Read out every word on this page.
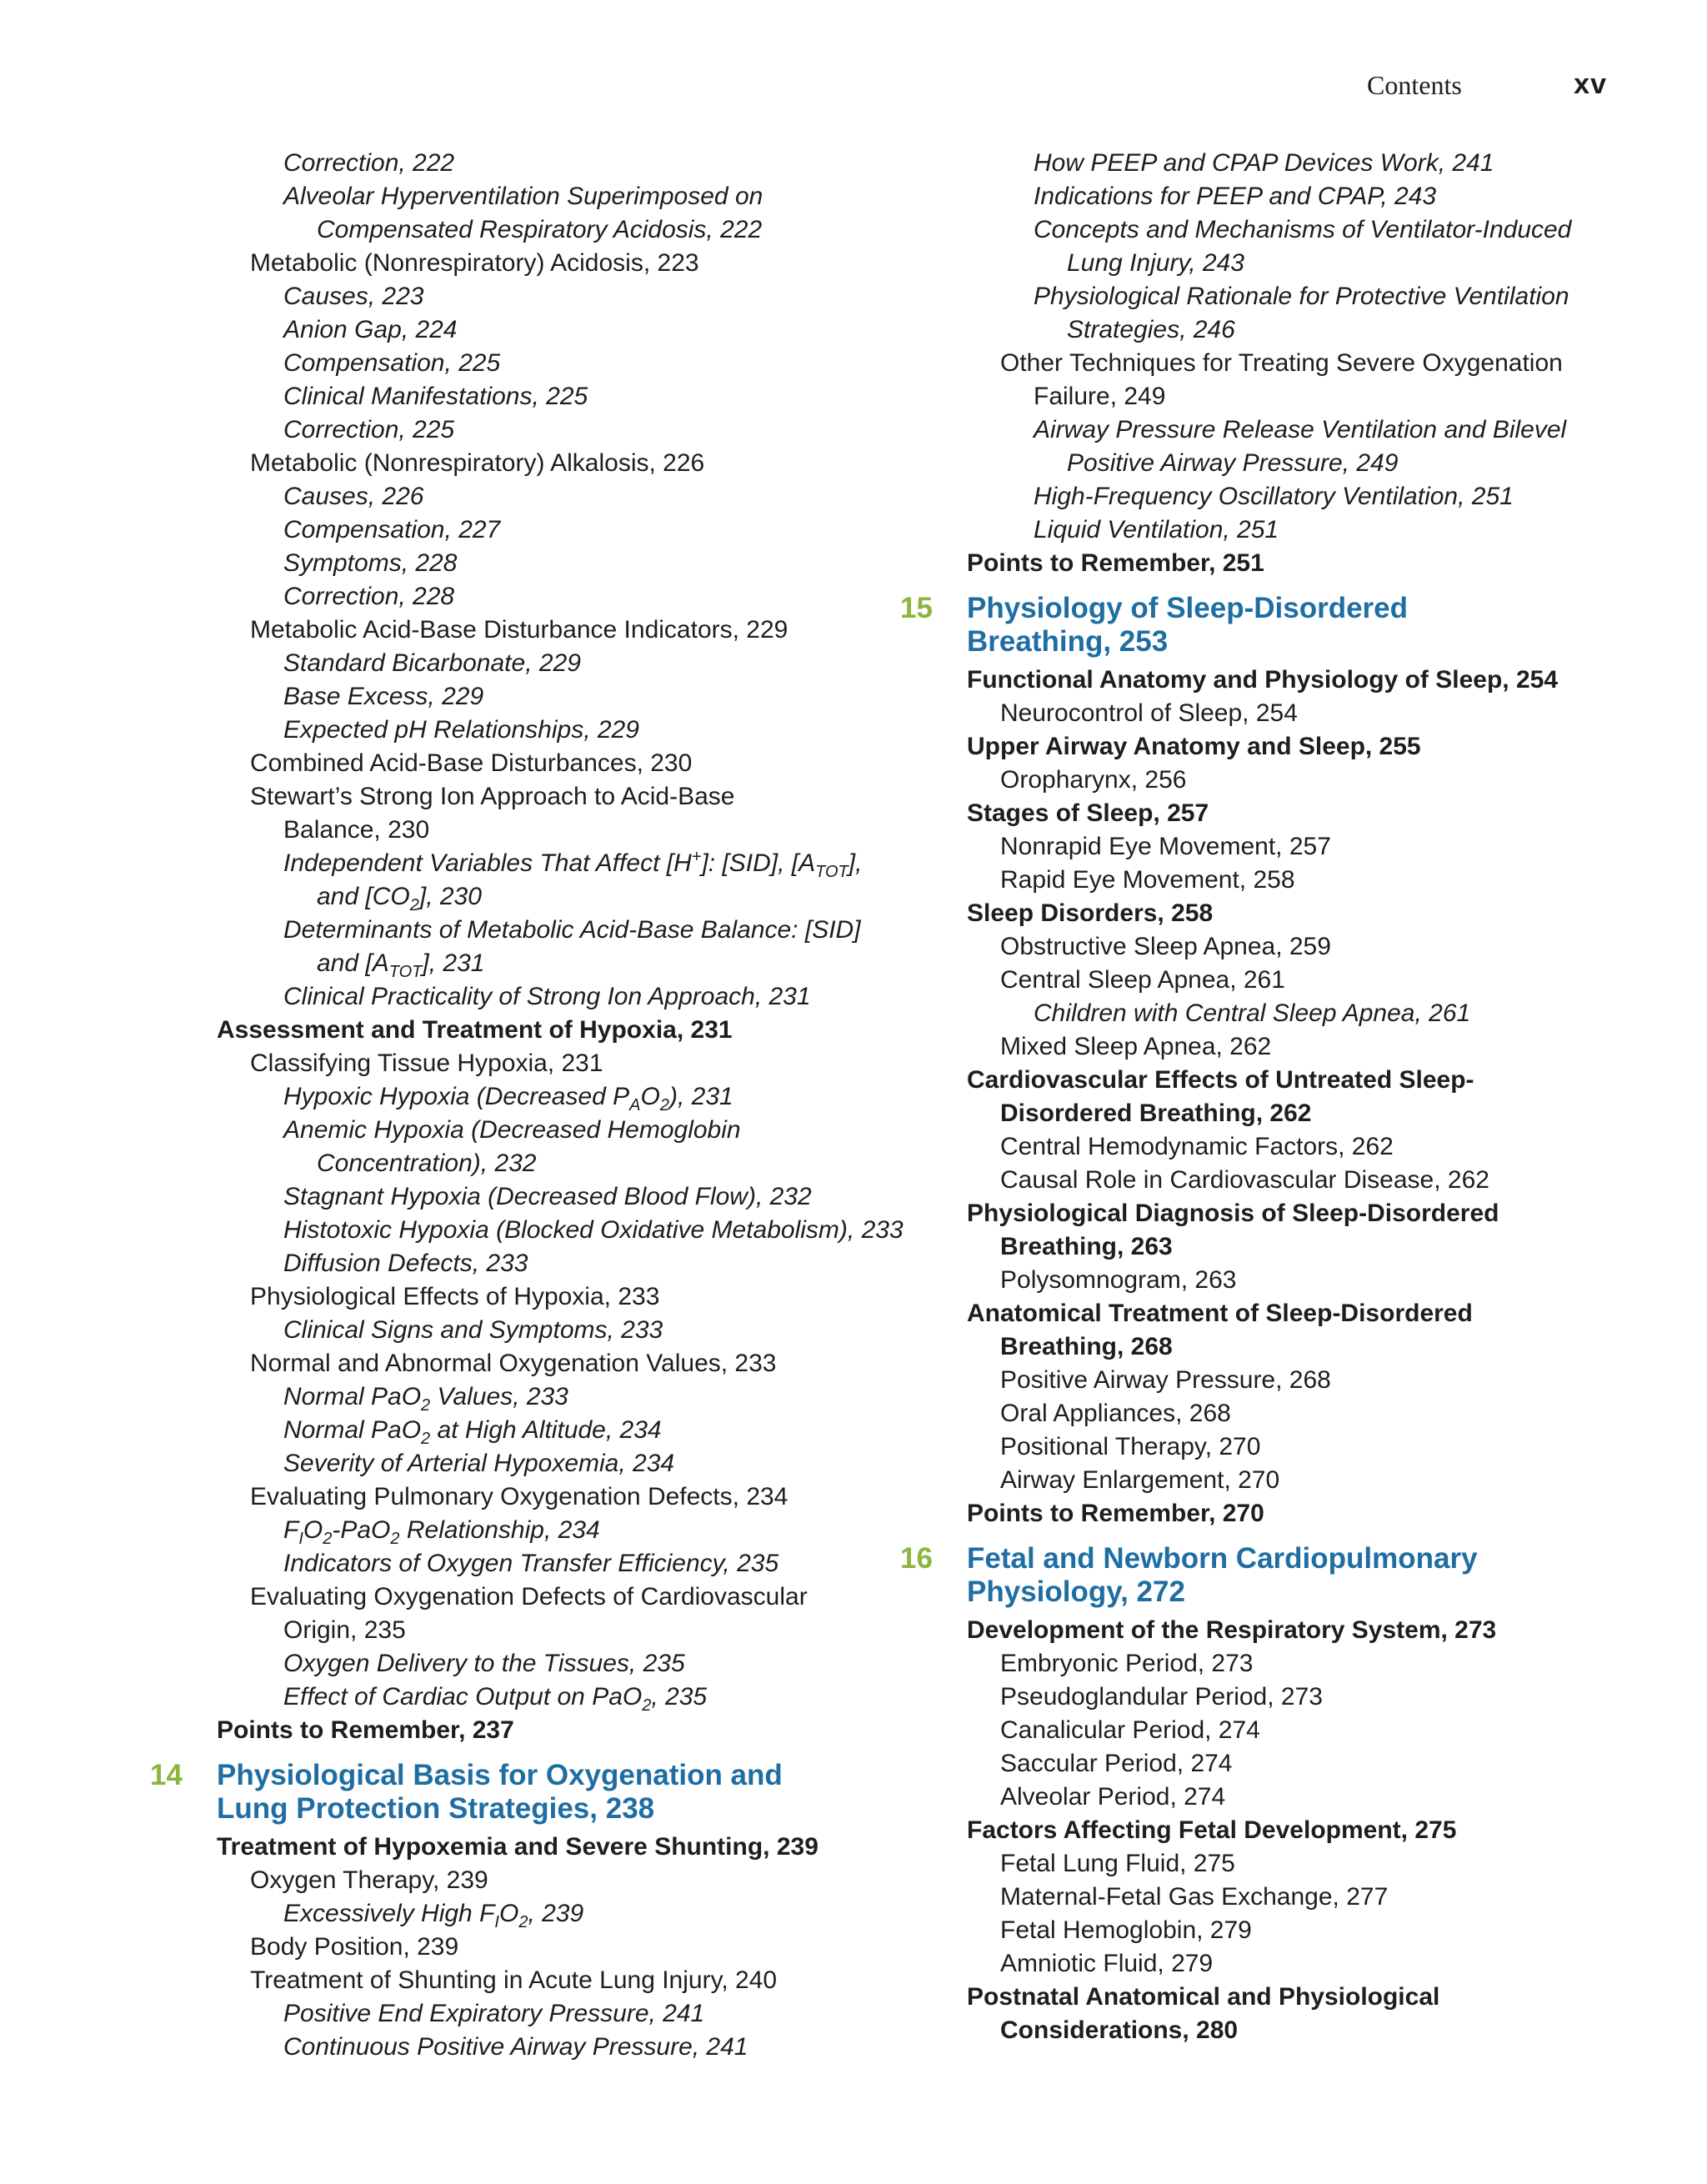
Contents	xv
Correction, 222
Alveolar Hyperventilation Superimposed on
Compensated Respiratory Acidosis, 222
Metabolic (Nonrespiratory) Acidosis, 223
Causes, 223
Anion Gap, 224
Compensation, 225
Clinical Manifestations, 225
Correction, 225
Metabolic (Nonrespiratory) Alkalosis, 226
Causes, 226
Compensation, 227
Symptoms, 228
Correction, 228
Metabolic Acid-Base Disturbance Indicators, 229
Standard Bicarbonate, 229
Base Excess, 229
Expected pH Relationships, 229
Combined Acid-Base Disturbances, 230
Stewart’s Strong Ion Approach to Acid-Base
Balance, 230
Independent Variables That Affect [H+]: [SID], $[A_{TOT}]$,
and $[CO_2]$, 230
Determinants of Metabolic Acid-Base Balance: [SID]
and $[A_{TOT}]$, 231
Clinical Practicality of Strong Ion Approach, 231
Assessment and Treatment of Hypoxia, 231
Classifying Tissue Hypoxia, 231
Hypoxic Hypoxia (Decreased $P_AO_2$), 231
Anemic Hypoxia (Decreased Hemoglobin
Concentration), 232
Stagnant Hypoxia (Decreased Blood Flow), 232
Histotoxic Hypoxia (Blocked Oxidative Metabolism), 233
Diffusion Defects, 233
Physiological Effects of Hypoxia, 233
Clinical Signs and Symptoms, 233
Normal and Abnormal Oxygenation Values, 233
Normal PaO$_2$ Values, 233
Normal PaO$_2$ at High Altitude, 234
Severity of Arterial Hypoxemia, 234
Evaluating Pulmonary Oxygenation Defects, 234
$F_IO_2-PaO_2$ Relationship, 234
Indicators of Oxygen Transfer Efficiency, 235
Evaluating Oxygenation Defects of Cardiovascular
Origin, 235
Oxygen Delivery to the Tissues, 235
Effect of Cardiac Output on PaO$_2$, 235
Points to Remember, 237
14 Physiological Basis for Oxygenation and
Lung Protection Strategies, 238
Treatment of Hypoxemia and Severe Shunting, 239
Oxygen Therapy, 239
Excessively High $F_IO_2$, 239
Body Position, 239
Treatment of Shunting in Acute Lung Injury, 240
Positive End Expiratory Pressure, 241
Continuous Positive Airway Pressure, 241
How PEEP and CPAP Devices Work, 241
Indications for PEEP and CPAP, 243
Concepts and Mechanisms of Ventilator-Induced
Lung Injury, 243
Physiological Rationale for Protective Ventilation
Strategies, 246
Other Techniques for Treating Severe Oxygenation
Failure, 249
Airway Pressure Release Ventilation and Bilevel
Positive Airway Pressure, 249
High-Frequency Oscillatory Ventilation, 251
Liquid Ventilation, 251
Points to Remember, 251
15 Physiology of Sleep-Disordered
Breathing, 253
Functional Anatomy and Physiology of Sleep, 254
Neurocontrol of Sleep, 254
Upper Airway Anatomy and Sleep, 255
Oropharynx, 256
Stages of Sleep, 257
Nonrapid Eye Movement, 257
Rapid Eye Movement, 258
Sleep Disorders, 258
Obstructive Sleep Apnea, 259
Central Sleep Apnea, 261
Children with Central Sleep Apnea, 261
Mixed Sleep Apnea, 262
Cardiovascular Effects of Untreated Sleep-
Disordered Breathing, 262
Central Hemodynamic Factors, 262
Causal Role in Cardiovascular Disease, 262
Physiological Diagnosis of Sleep-Disordered
Breathing, 263
Polysomnogram, 263
Anatomical Treatment of Sleep-Disordered
Breathing, 268
Positive Airway Pressure, 268
Oral Appliances, 268
Positional Therapy, 270
Airway Enlargement, 270
Points to Remember, 270
16 Fetal and Newborn Cardiopulmonary
Physiology, 272
Development of the Respiratory System, 273
Embryonic Period, 273
Pseudoglandular Period, 273
Canalicular Period, 274
Saccular Period, 274
Alveolar Period, 274
Factors Affecting Fetal Development, 275
Fetal Lung Fluid, 275
Maternal-Fetal Gas Exchange, 277
Fetal Hemoglobin, 279
Amniotic Fluid, 279
Postnatal Anatomical and Physiological
Considerations, 280
